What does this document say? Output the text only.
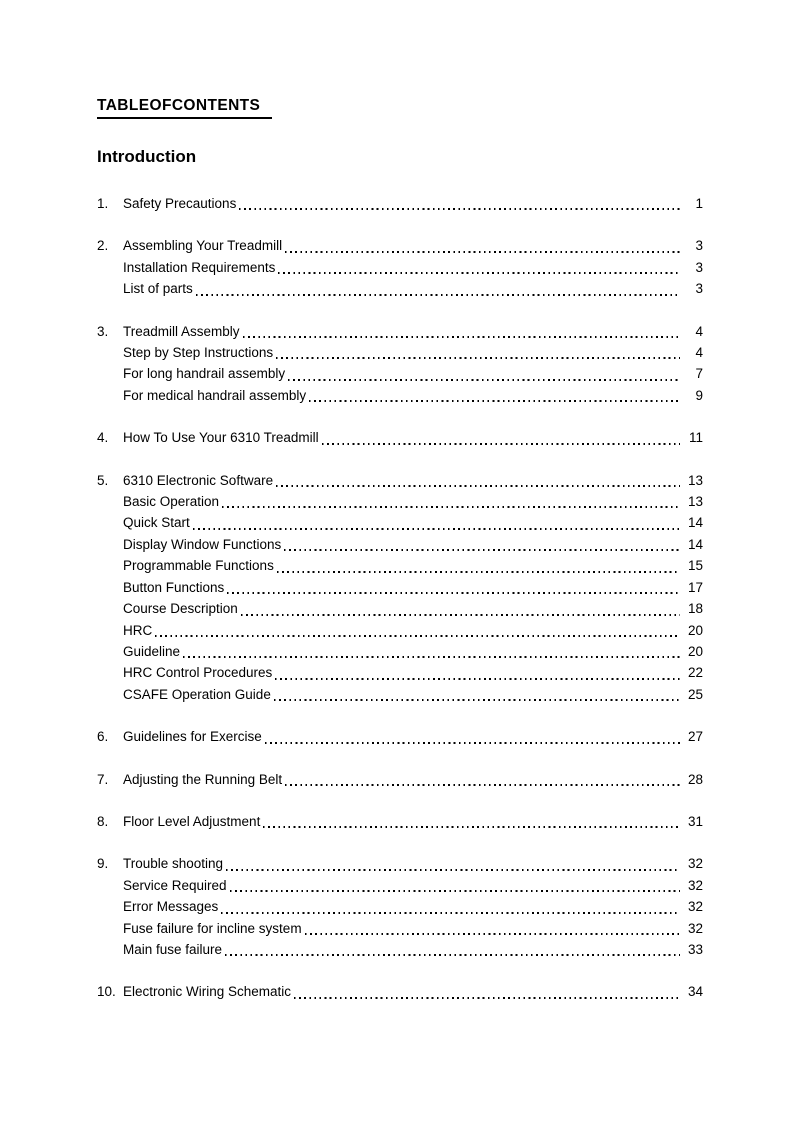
TABLEOFCONTENTS
Introduction
1.	Safety Precautions	1
2.	Assembling Your Treadmill	3
Installation Requirements	3
List of parts	3
3.	Treadmill Assembly	4
Step by Step Instructions	4
For long handrail assembly	7
For medical handrail assembly	9
4.	How To Use Your 6310 Treadmill	11
5.	6310 Electronic Software	13
Basic Operation	13
Quick Start	14
Display Window Functions	14
Programmable Functions	15
Button Functions	17
Course Description	18
HRC	20
Guideline	20
HRC Control Procedures	22
CSAFE Operation Guide	25
6.	Guidelines for Exercise	27
7.	Adjusting the Running Belt	28
8.	Floor Level Adjustment	31
9.	Trouble shooting	32
Service Required	32
Error Messages	32
Fuse failure for incline system	32
Main fuse failure	33
10. Electronic Wiring Schematic	34
